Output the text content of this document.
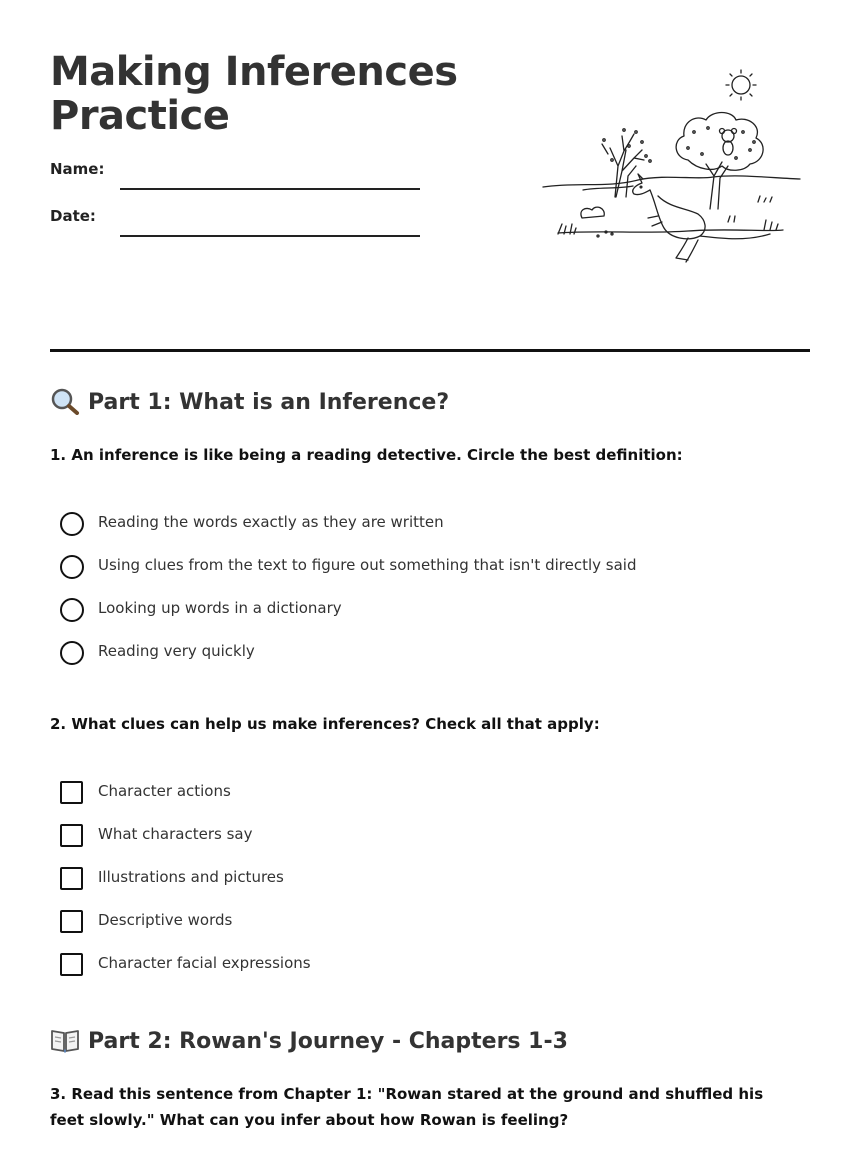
Making Inferences Practice
Name:
Date:
Part 1: What is an Inference?
1. An inference is like being a reading detective. Circle the best definition:
Reading the words exactly as they are written
Using clues from the text to figure out something that isn't directly said
Looking up words in a dictionary
Reading very quickly
2. What clues can help us make inferences? Check all that apply:
Character actions
What characters say
Illustrations and pictures
Descriptive words
Character facial expressions
Part 2: Rowan's Journey - Chapters 1-3
3. Read this sentence from Chapter 1: "Rowan stared at the ground and shuffled his feet slowly." What can you infer about how Rowan is feeling?
